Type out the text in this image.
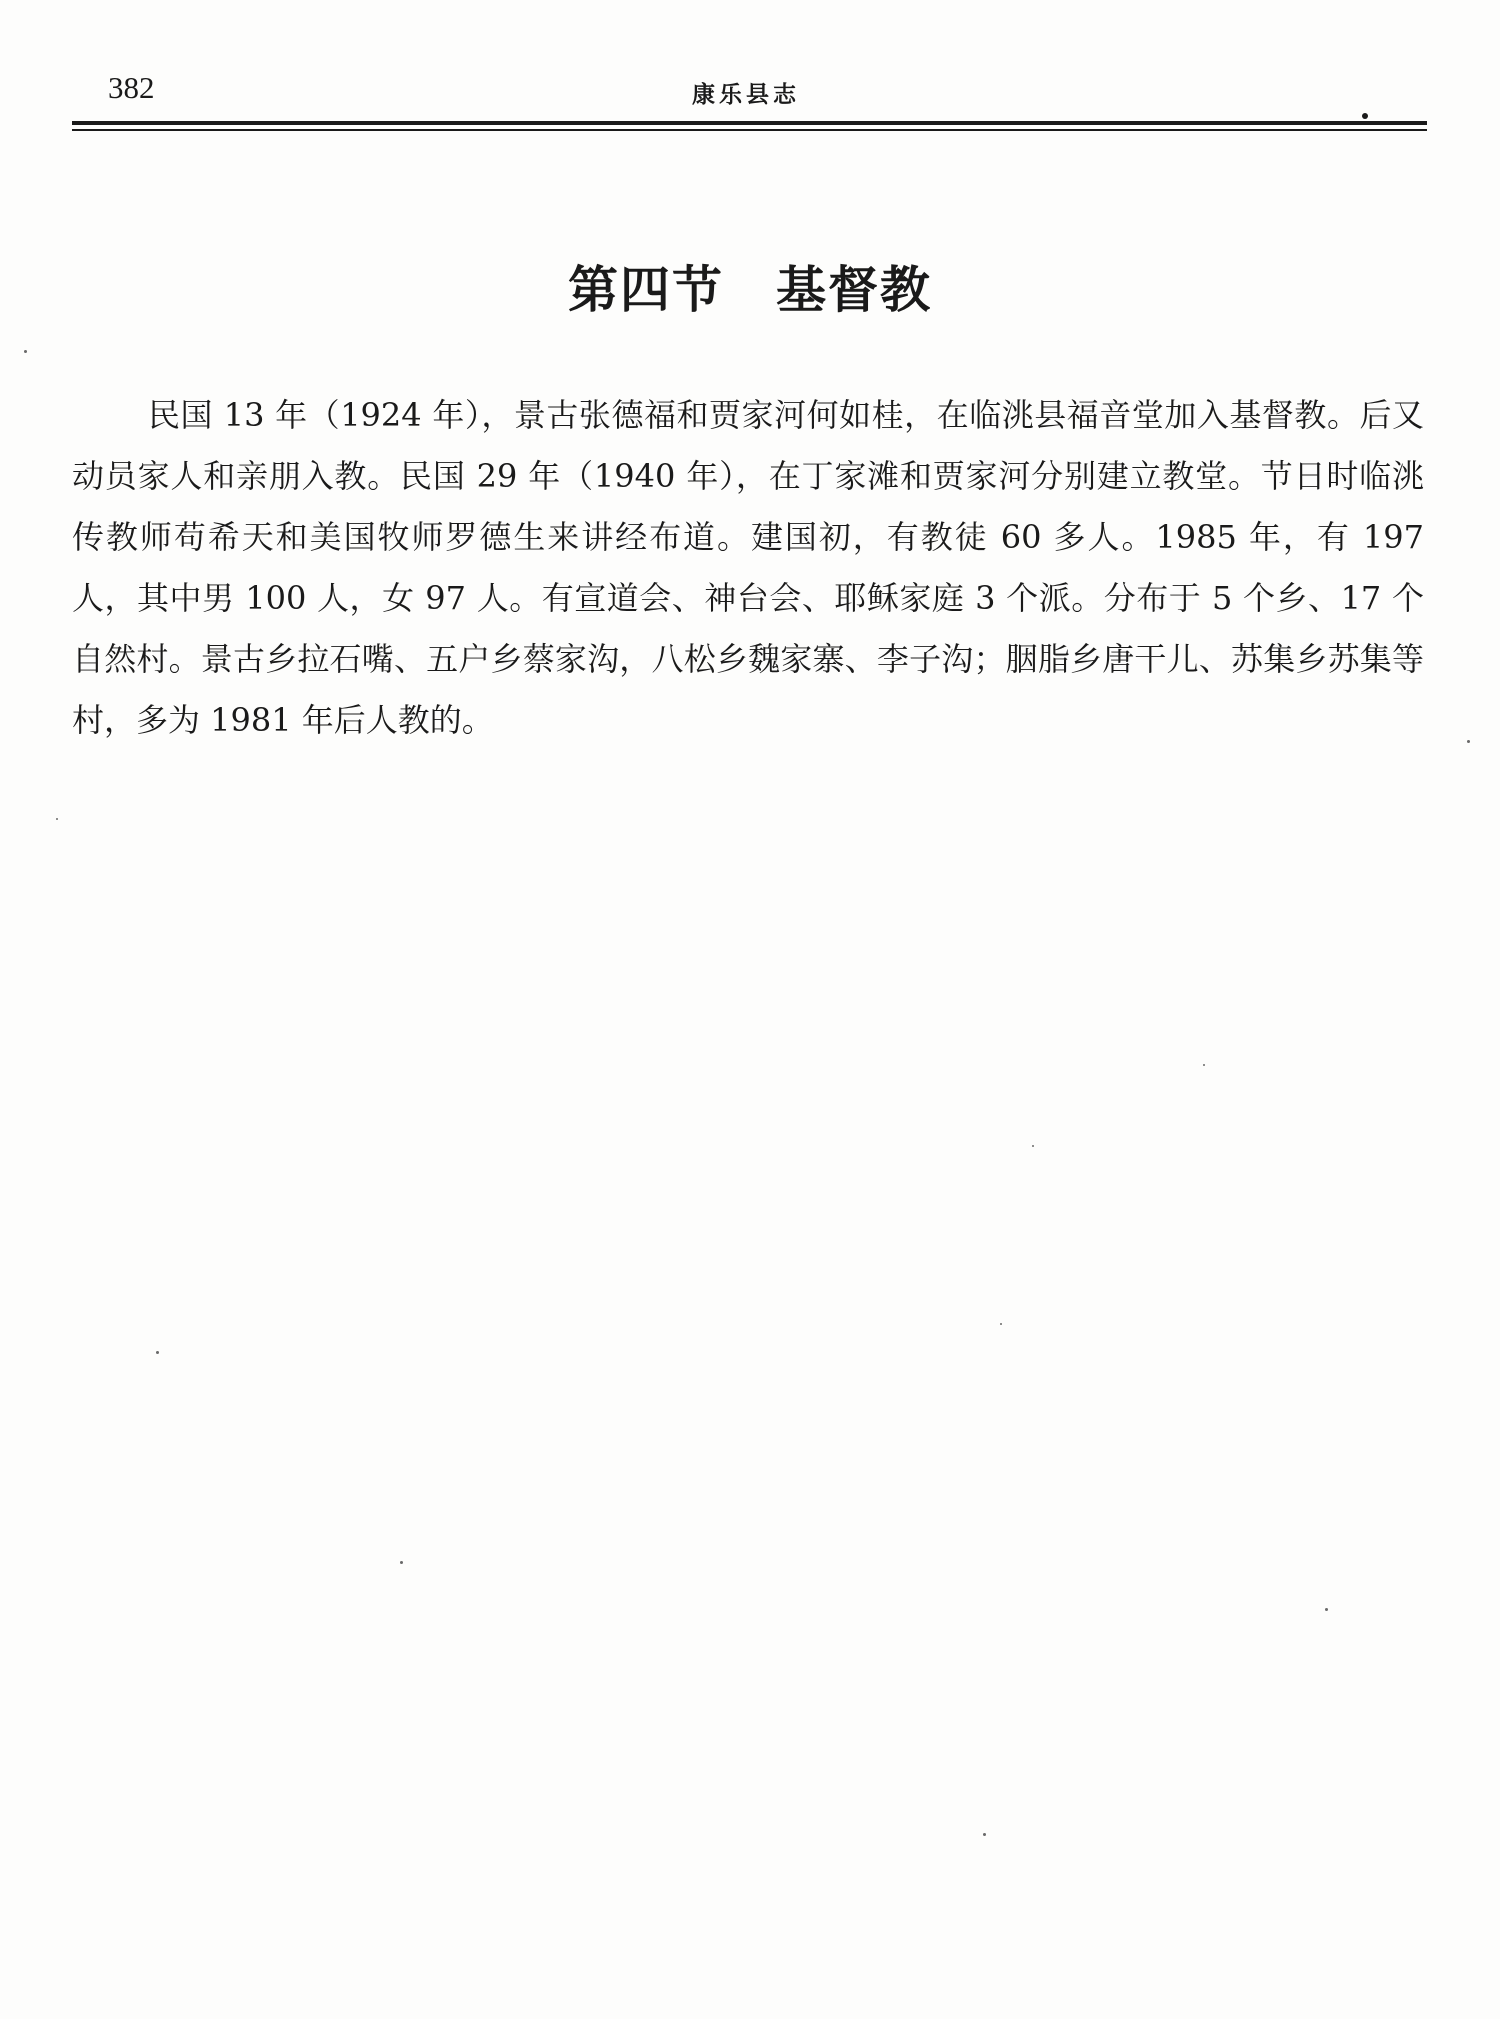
382	康乐县志
第四节 基督教

民国 13 年（1924 年），景古张德福和贾家河何如桂，在临洮县福音堂加入基督教。后又动员家人和亲朋入教。民国 29 年（1940 年），在丁家滩和贾家河分别建立教堂。节日时临洮传教师苟希天和美国牧师罗德生来讲经布道。建国初，有教徒 60 多人。1985 年，有 197 人，其中男 100 人，女 97 人。有宣道会、神台会、耶稣家庭 3 个派。分布于 5 个乡、17 个自然村。景古乡拉石嘴、五户乡蔡家沟，八松乡魏家寨、李子沟；胭脂乡唐干儿、苏集乡苏集等村，多为 1981 年后人教的。
